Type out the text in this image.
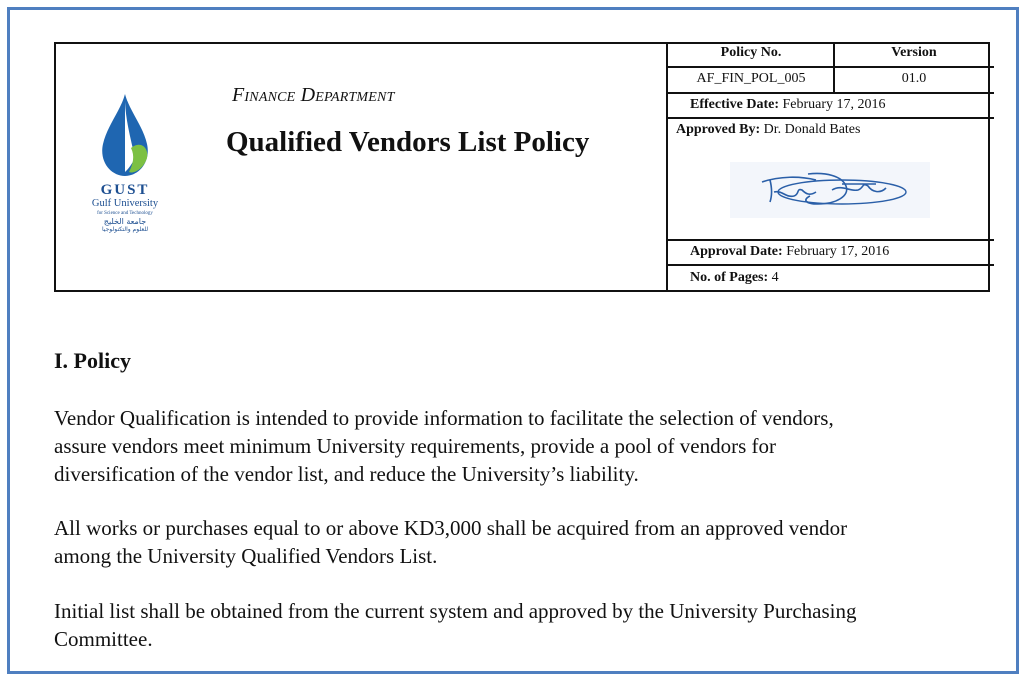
GUST
Gulf University
for Science and Technology
جامعة الخليج
للعلوم والتكنولوجيا
Finance Department
Qualified Vendors List Policy
Policy No.	Version
AF_FIN_POL_005	01.0
Effective Date: February 17, 2016
Approved By: Dr. Donald Bates
Approval Date: February 17, 2016
No. of Pages: 4
I. Policy
Vendor Qualification is intended to provide information to facilitate the selection of vendors,
assure vendors meet minimum University requirements, provide a pool of vendors for
diversification of the vendor list, and reduce the University’s liability.
All works or purchases equal to or above KD3,000 shall be acquired from an approved vendor
among the University Qualified Vendors List.
Initial list shall be obtained from the current system and approved by the University Purchasing
Committee.
